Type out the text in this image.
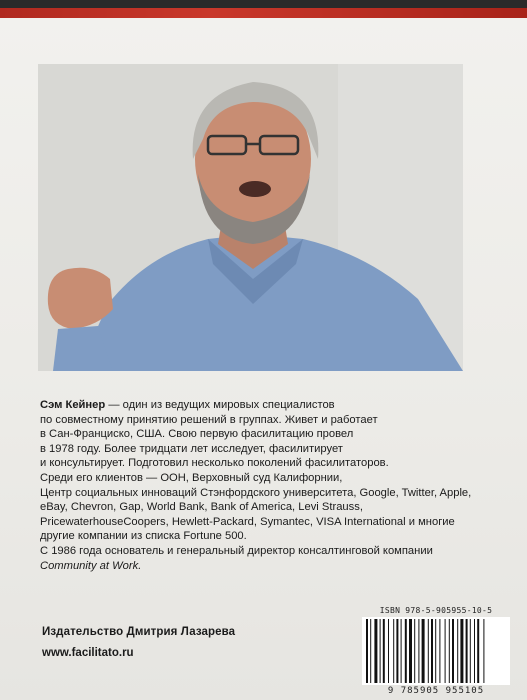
Сэм Кейнер — один из ведущих мировых специалистов

по совместному принятию решений в группах. Живет и работает

в Сан-Франциско, США. Свою первую фасилитацию провел

в 1978 году. Более тридцати лет исследует, фасилитирует

и консультирует. Подготовил несколько поколений фасилитаторов.

Среди его клиентов — ООН, Верховный суд Калифорнии,

Центр социальных инноваций Стэнфордского университета, Google, Twitter, Apple,

eBay, Chevron, Gap, World Bank, Bank of America, Levi Strauss,

PricewaterhouseCoopers, Hewlett-Packard, Symantec, VISA International и многие

другие компании из списка Fortune 500.

С 1986 года основатель и генеральный директор консалтинговой компании

Community at Work.

Издательство Дмитрия Лазарева
www.facilitato.ru
ISBN 978-5-905955-10-5
9 785905 955105
